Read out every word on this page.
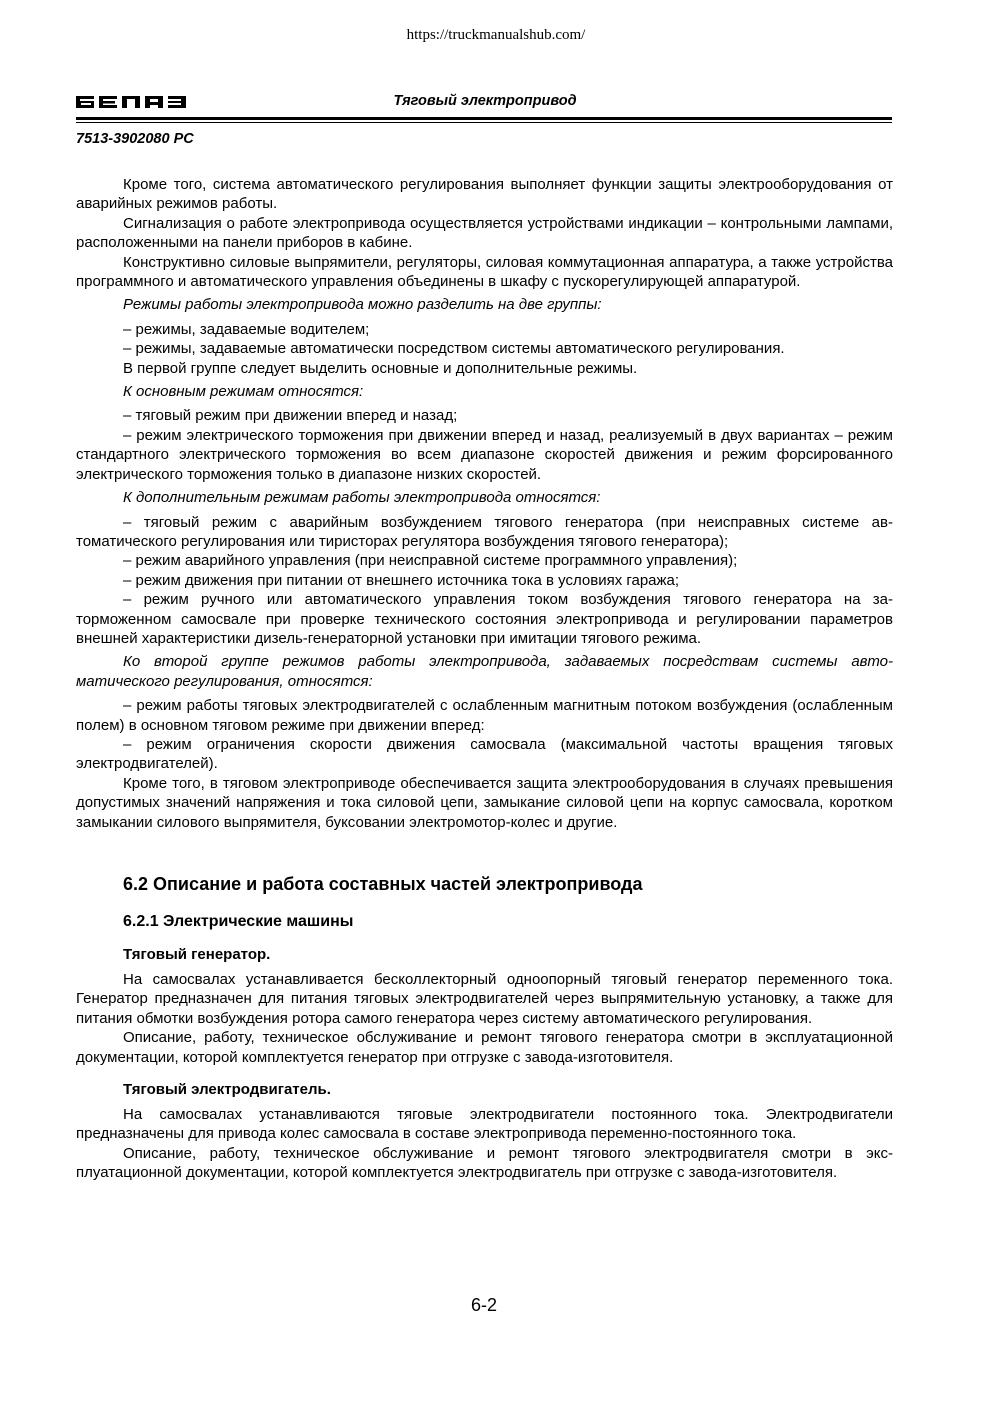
https://truckmanualshub.com/
Тяговый электропривод
7513-3902080 РС

Кроме того, система автоматического регулирования выполняет функции защиты электрооборудования от аварийных режимов работы.

Сигнализация о работе электропривода осуществляется устройствами индикации – контрольными лампами, расположенными на панели приборов в кабине.

Конструктивно силовые выпрямители, регуляторы, силовая коммутационная аппаратура, а также устройства программного и автоматического управления объединены в шкафу с пускорегулирующей аппаратурой.

Режимы работы электропривода можно разделить на две группы:

– режимы, задаваемые водителем;

– режимы, задаваемые автоматически посредством системы автоматического регулирования.

В первой группе следует выделить основные и дополнительные режимы.

К основным режимам относятся:

– тяговый режим при движении вперед и назад;

– режим электрического торможения при движении вперед и назад, реализуемый в двух вариантах – режим стандартного электрического торможения во всем диапазоне скоростей движения и режим форсированного электрического торможения только в диапазоне низких скоростей.

К дополнительным режимам работы электропривода относятся:

– тяговый режим с аварийным возбуждением тягового генератора (при неисправных системе автоматического регулирования или тиристорах регулятора возбуждения тягового генератора);

– режим аварийного управления (при неисправной системе программного управления);

– режим движения при питании от внешнего источника тока в условиях гаража;

– режим ручного или автоматического управления током возбуждения тягового генератора на заторможенном самосвале при проверке технического состояния электропривода и регулировании параметров внешней характеристики дизель-генераторной установки при имитации тягового режима.

Ко второй группе режимов работы электропривода, задаваемых посредствам системы автоматического регулирования, относятся:

– режим работы тяговых электродвигателей с ослабленным магнитным потоком возбуждения (ослабленным полем) в основном тяговом режиме при движении вперед:

– режим ограничения скорости движения самосвала (максимальной частоты вращения тяговых электродвигателей).

Кроме того, в тяговом электроприводе обеспечивается защита электрооборудования в случаях превышения допустимых значений напряжения и тока силовой цепи, замыкание силовой цепи на корпус самосвала, коротком замыкании силового выпрямителя, буксовании электромотор-колес и другие.

6.2 Описание и работа составных частей электропривода
6.2.1 Электрические машины
Тяговый генератор.

На самосвалах устанавливается бесколлекторный одноопорный тяговый генератор переменного тока. Генератор предназначен для питания тяговых электродвигателей через выпрямительную установку, а также для питания обмотки возбуждения ротора самого генератора через систему автоматического регулирования.

Описание, работу, техническое обслуживание и ремонт тягового генератора смотри в эксплуатационной документации, которой комплектуется генератор при отгрузке с завода-изготовителя.

Тяговый электродвигатель.

На самосвалах устанавливаются тяговые электродвигатели постоянного тока. Электродвигатели предназначены для привода колес самосвала в составе электропривода переменно-постоянного тока.

Описание, работу, техническое обслуживание и ремонт тягового электродвигателя смотри в эксплуатационной документации, которой комплектуется электродвигатель при отгрузке с завода-изготовителя.

6-2
